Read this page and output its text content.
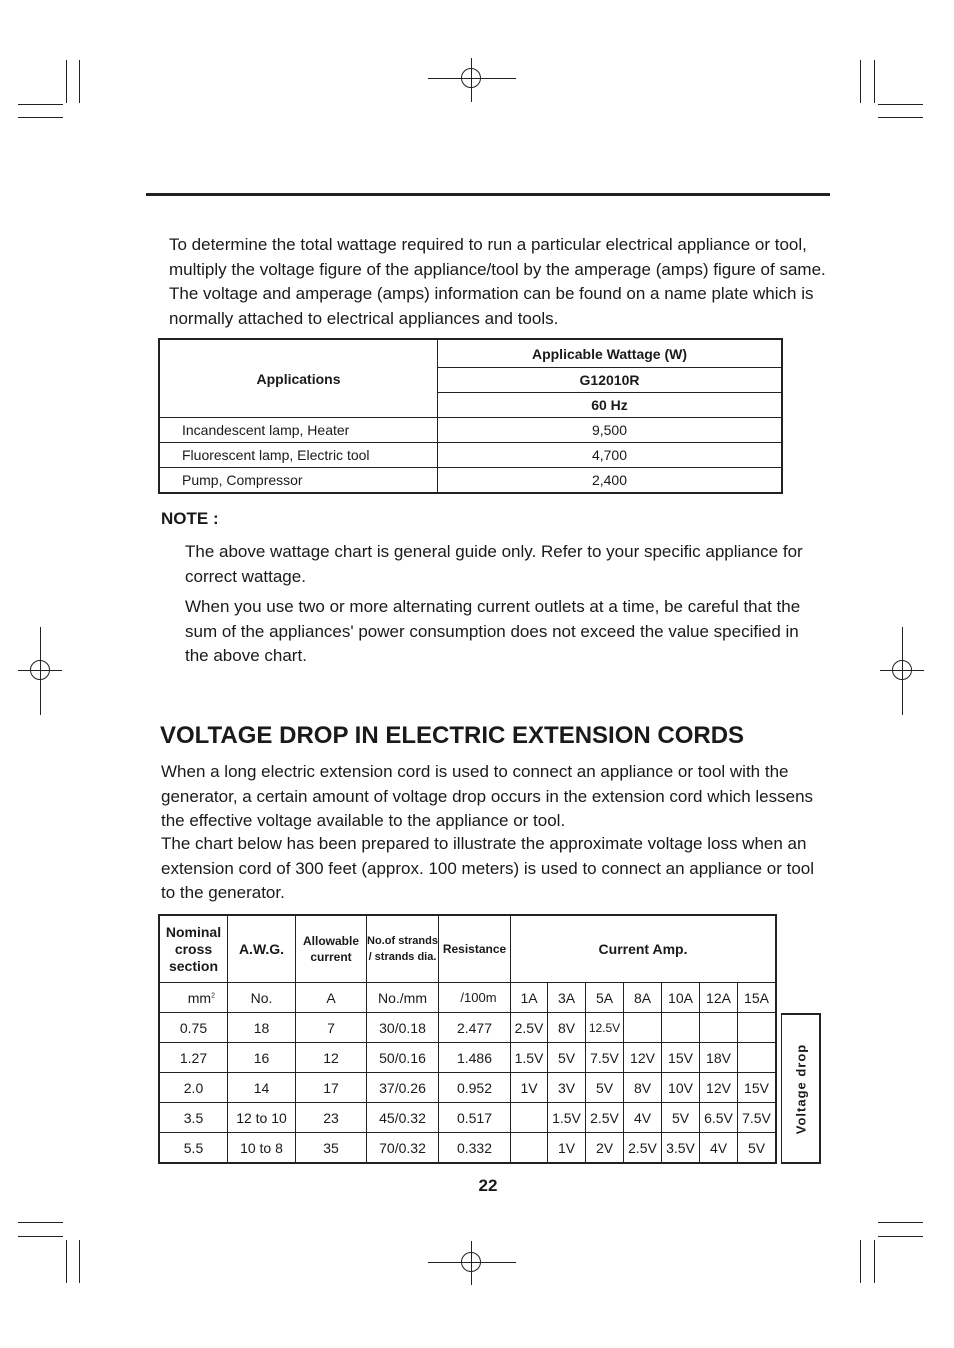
To determine the total wattage required to run a particular electrical appliance or tool, multiply the voltage figure of the appliance/tool by the amperage (amps) figure of same. The voltage and amperage (amps) information can be found on a name plate which is normally attached to electrical appliances and tools.

Applications	Applicable Wattage (W)
	G12010R
	60 Hz
Incandescent lamp, Heater	9,500
Fluorescent lamp, Electric tool	4,700
Pump, Compressor	2,400
NOTE :

The above wattage chart is general guide only. Refer to your specific appliance for correct wattage.

When you use two or more alternating current outlets at a time, be careful that the sum of the appliances' power consumption does not exceed the value specified in the above chart.

VOLTAGE DROP IN ELECTRIC EXTENSION CORDS

When a long electric extension cord is used to connect an appliance or tool with the generator, a certain amount of voltage drop occurs in the extension cord which lessens the effective voltage available to the appliance or tool.

The chart below has been prepared to illustrate the approximate voltage loss when an extension cord of 300 feet (approx. 100 meters) is used to connect an appliance or tool to the generator.

Nominal cross section	A.W.G.	Allowable current	No.of strands / strands dia.	Resistance	Current Amp.						
$mm^2$	No.	A	No./mm	/100m	1A	3A	5A	8A	10A	12A	15A
0.75	18	7	30/0.18	2.477	2.5V	8V	12.5V				
1.27	16	12	50/0.16	1.486	1.5V	5V	7.5V	12V	15V	18V	
2.0	14	17	37/0.26	0.952	1V	3V	5V	8V	10V	12V	15V
3.5	12 to 10	23	45/0.32	0.517		1.5V	2.5V	4V	5V	6.5V	7.5V
5.5	10 to 8	35	70/0.32	0.332		1V	2V	2.5V	3.5V	4V	5V
Voltage drop
22
